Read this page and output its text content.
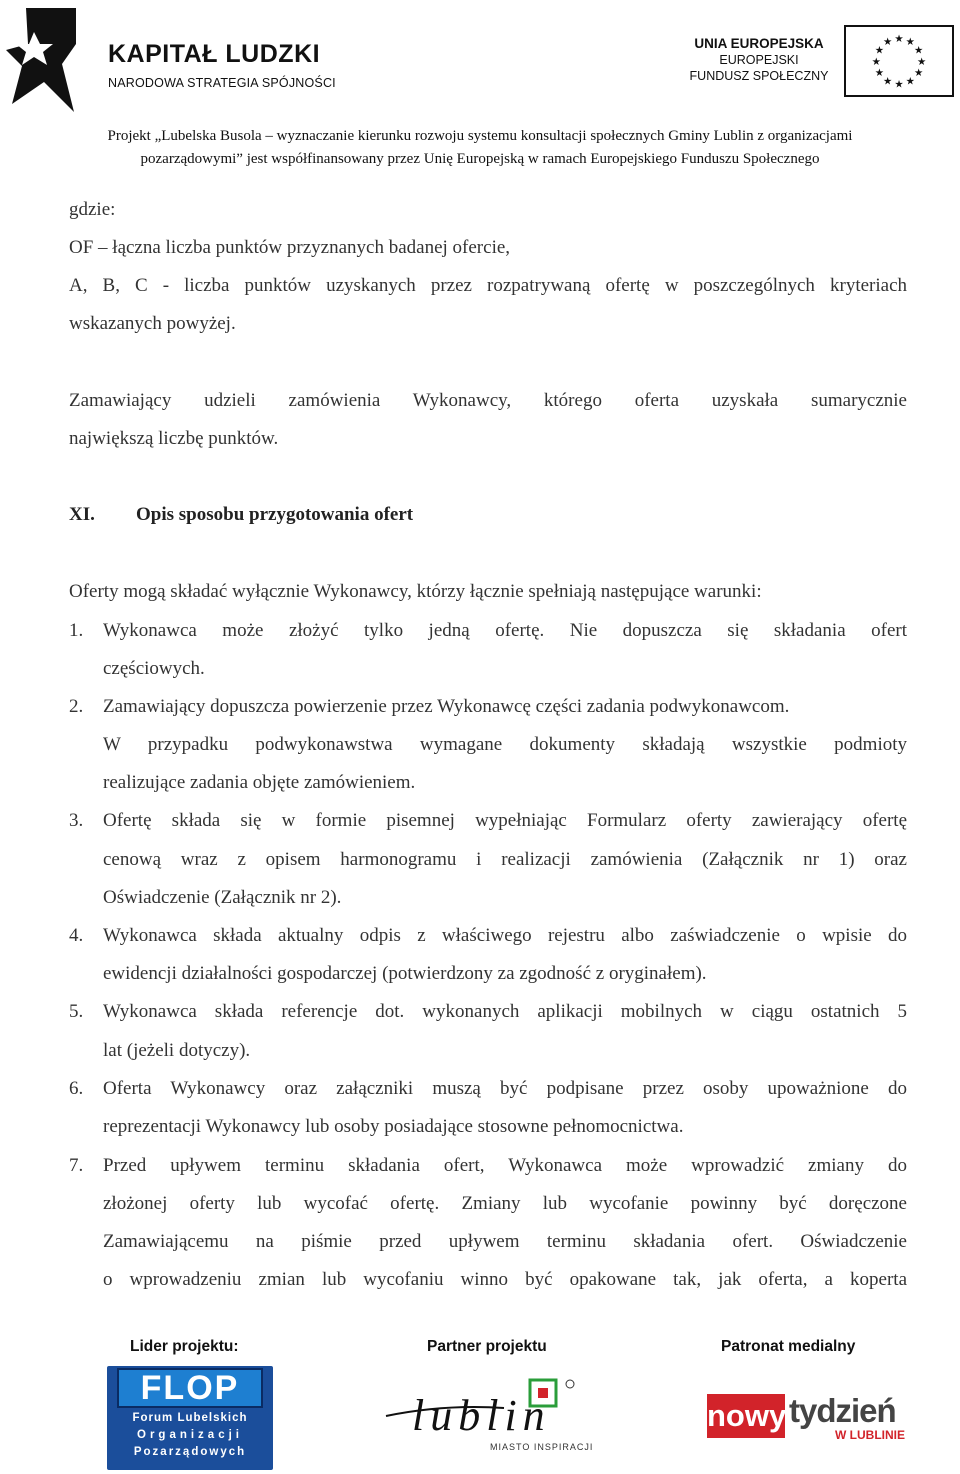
KAPITAŁ LUDZKI
NARODOWA STRATEGIA SPÓJNOŚCI
UNIA EUROPEJSKA
EUROPEJSKI
FUNDUSZ SPOŁECZNY
★
★
★
★
★
★
★
★
★ ★ ★
★
Projekt „Lubelska Busola – wyznaczanie kierunku rozwoju systemu konsultacji społecznych Gminy Lublin z organizacjami
pozarządowymi” jest współfinansowany przez Unię Europejską w ramach Europejskiego Funduszu Społecznego
gdzie:
OF – łączna liczba punktów przyznanych badanej ofercie,
A, B, C - liczba punktów uzyskanych przez rozpatrywaną ofertę w poszczególnych kryteriach
wskazanych powyżej.
Zamawiający udzieli zamówienia Wykonawcy, którego oferta uzyskała sumarycznie
największą liczbę punktów.
XI. Opis sposobu przygotowania ofert
Oferty mogą składać wyłącznie Wykonawcy, którzy łącznie spełniają następujące warunki:
1. Wykonawca może złożyć tylko jedną ofertę. Nie dopuszcza się składania ofert
częściowych.
2. Zamawiający dopuszcza powierzenie przez Wykonawcę części zadania podwykonawcom.
W przypadku podwykonawstwa wymagane dokumenty składają wszystkie podmioty
realizujące zadania objęte zamówieniem.
3. Ofertę składa się w formie pisemnej wypełniając Formularz oferty zawierający ofertę
cenową wraz z opisem harmonogramu i realizacji zamówienia (Załącznik nr 1) oraz
Oświadczenie (Załącznik nr 2).
4. Wykonawca składa aktualny odpis z właściwego rejestru albo zaświadczenie o wpisie do
ewidencji działalności gospodarczej (potwierdzony za zgodność z oryginałem).
5. Wykonawca składa referencje dot. wykonanych aplikacji mobilnych w ciągu ostatnich 5
lat (jeżeli dotyczy).
6. Oferta Wykonawcy oraz załączniki muszą być podpisane przez osoby upoważnione do
reprezentacji Wykonawcy lub osoby posiadające stosowne pełnomocnictwa.
7. Przed upływem terminu składania ofert, Wykonawca może wprowadzić zmiany do
złożonej oferty lub wycofać ofertę. Zmiany lub wycofanie powinny być doręczone
Zamawiającemu na piśmie przed upływem terminu składania ofert. Oświadczenie
o wprowadzeniu zmian lub wycofaniu winno być opakowane tak, jak oferta, a koperta
Lider projektu:	Partner projektu	Patronat medialny
FLOP
Forum Lubelskich
Organizacji
Pozarządowych
lublin
MIASTO INSPIRACJI
nowy tydzień
W LUBLINIE
